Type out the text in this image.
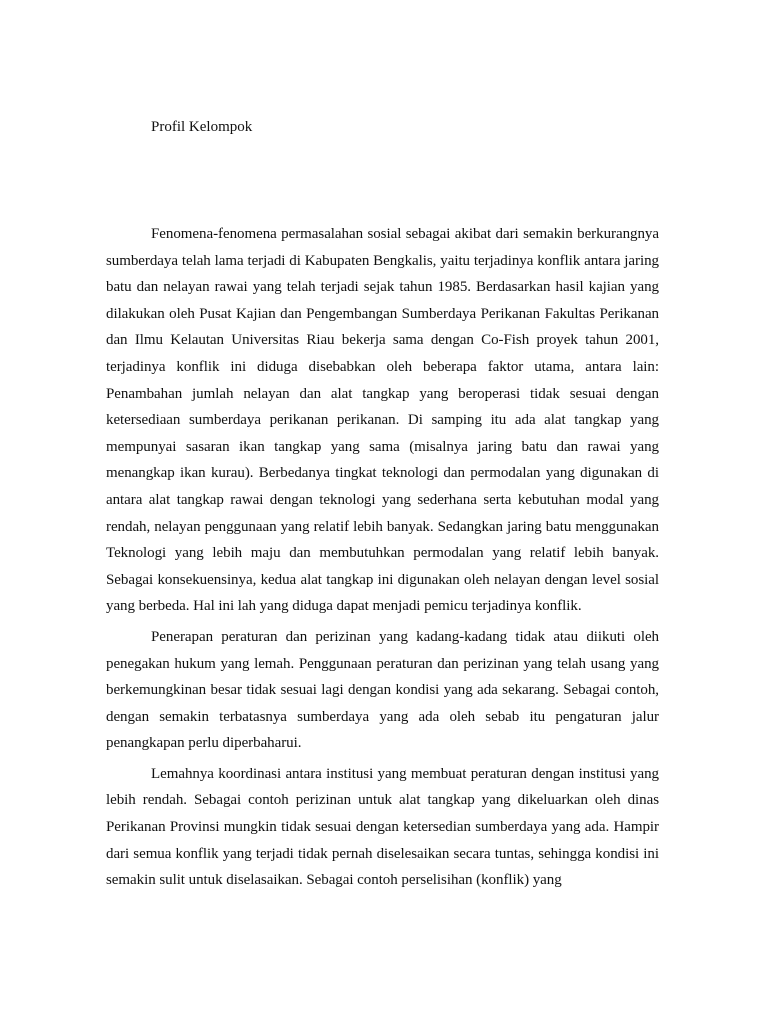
Profil Kelompok

Fenomena-fenomena permasalahan sosial sebagai akibat dari semakin berkurangnya sumberdaya telah lama terjadi di Kabupaten Bengkalis, yaitu terjadinya konflik antara jaring batu dan nelayan rawai yang telah terjadi sejak tahun 1985. Berdasarkan hasil kajian yang dilakukan oleh Pusat Kajian dan Pengembangan Sumberdaya Perikanan Fakultas Perikanan dan Ilmu Kelautan Universitas Riau bekerja sama dengan Co-Fish proyek tahun 2001, terjadinya konflik ini diduga disebabkan oleh beberapa faktor utama, antara lain: Penambahan jumlah nelayan dan alat tangkap yang beroperasi tidak sesuai dengan ketersediaan sumberdaya perikanan perikanan. Di samping itu ada alat tangkap yang mempunyai sasaran ikan tangkap yang sama (misalnya jaring batu dan rawai yang menangkap ikan kurau). Berbedanya tingkat teknologi dan permodalan yang digunakan di antara alat tangkap rawai dengan teknologi yang sederhana serta kebutuhan modal yang rendah, nelayan penggunaan yang relatif lebih banyak. Sedangkan jaring batu menggunakan Teknologi yang lebih maju dan membutuhkan permodalan yang relatif lebih banyak. Sebagai konsekuensinya, kedua alat tangkap ini digunakan oleh nelayan dengan level sosial yang berbeda. Hal ini lah yang diduga dapat menjadi pemicu terjadinya konflik.

Penerapan peraturan dan perizinan yang kadang-kadang tidak atau diikuti oleh penegakan hukum yang lemah. Penggunaan peraturan dan perizinan yang telah usang yang berkemungkinan besar tidak sesuai lagi dengan kondisi yang ada sekarang. Sebagai contoh, dengan semakin terbatasnya sumberdaya yang ada oleh sebab itu pengaturan jalur penangkapan perlu diperbaharui.

Lemahnya koordinasi antara institusi yang membuat peraturan dengan institusi yang lebih rendah. Sebagai contoh perizinan untuk alat tangkap yang dikeluarkan oleh dinas Perikanan Provinsi mungkin tidak sesuai dengan ketersedian sumberdaya yang ada. Hampir dari semua konflik yang terjadi tidak pernah diselesaikan secara tuntas, sehingga kondisi ini semakin sulit untuk diselasaikan. Sebagai contoh perselisihan (konflik) yang
